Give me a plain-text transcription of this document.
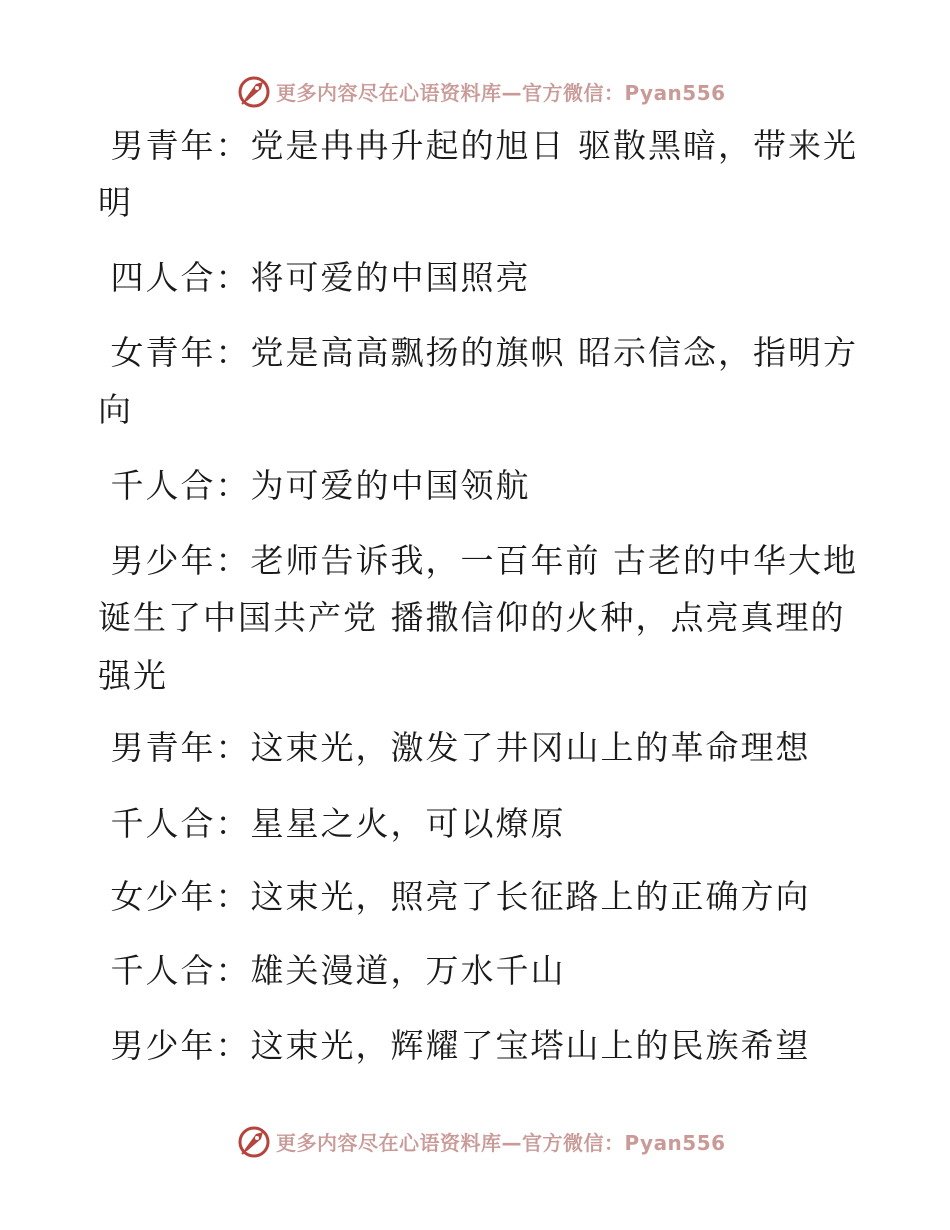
更多内容尽在心语资料库—官方微信：Pyan556
男青年：党是冉冉升起的旭日 驱散黑暗，带来光
明
四人合：将可爱的中国照亮
女青年：党是高高飘扬的旗帜 昭示信念，指明方
向
千人合：为可爱的中国领航
男少年：老师告诉我，一百年前 古老的中华大地
诞生了中国共产党 播撒信仰的火种，点亮真理的
强光
男青年：这束光，激发了井冈山上的革命理想
千人合：星星之火，可以燎原
女少年：这束光，照亮了长征路上的正确方向
千人合：雄关漫道，万水千山
男少年：这束光，辉耀了宝塔山上的民族希望
更多内容尽在心语资料库—官方微信：Pyan556
